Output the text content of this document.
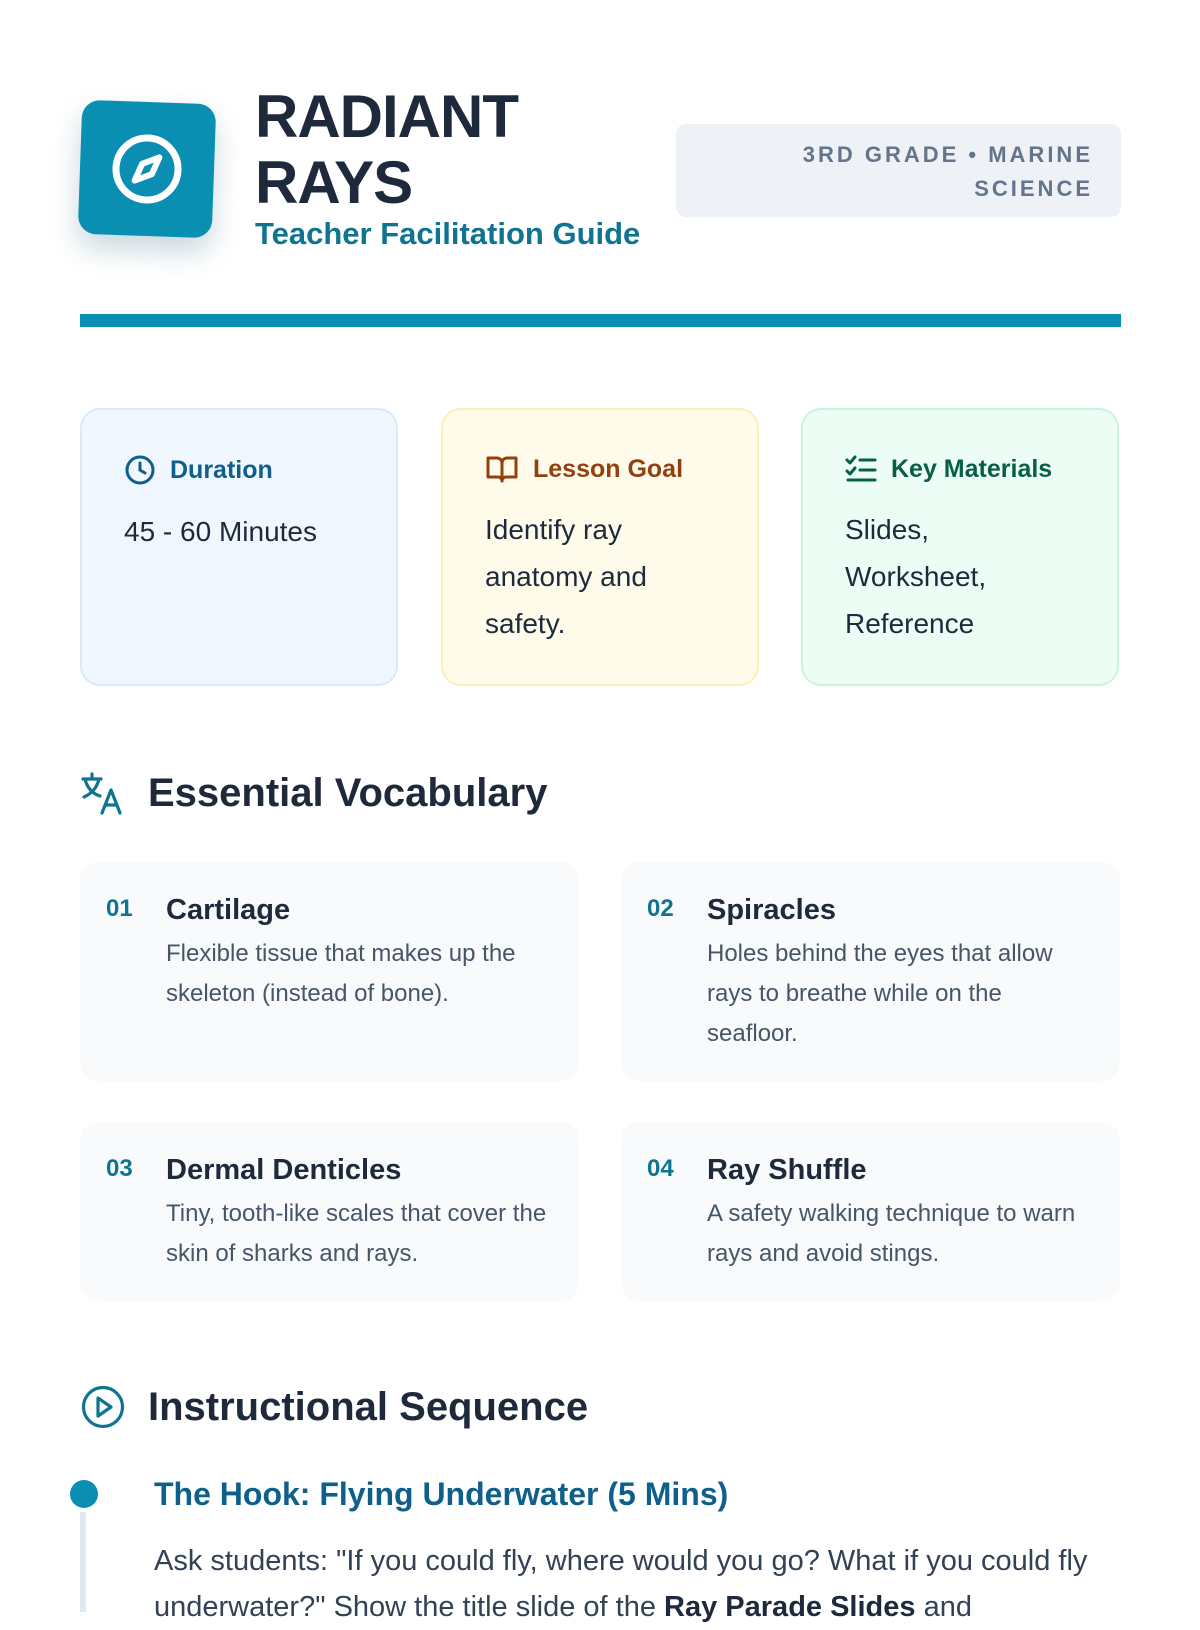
RADIANT RAYS
Teacher Facilitation Guide
3RD GRADE • MARINE
SCIENCE
Duration
45 - 60 Minutes
Lesson Goal
Identify ray anatomy and safety.
Key Materials
Slides, Worksheet, Reference
Essential Vocabulary
01	Cartilage
Flexible tissue that makes up the skeleton (instead of bone).
02	Spiracles
Holes behind the eyes that allow rays to breathe while on the seafloor.
03	Dermal Denticles
Tiny, tooth-like scales that cover the skin of sharks and rays.
04	Ray Shuffle
A safety walking technique to warn rays and avoid stings.
Instructional Sequence
The Hook: Flying Underwater (5 Mins)
Ask students: "If you could fly, where would you go? What if you could fly underwater?" Show the title slide of the Ray Parade Slides and
